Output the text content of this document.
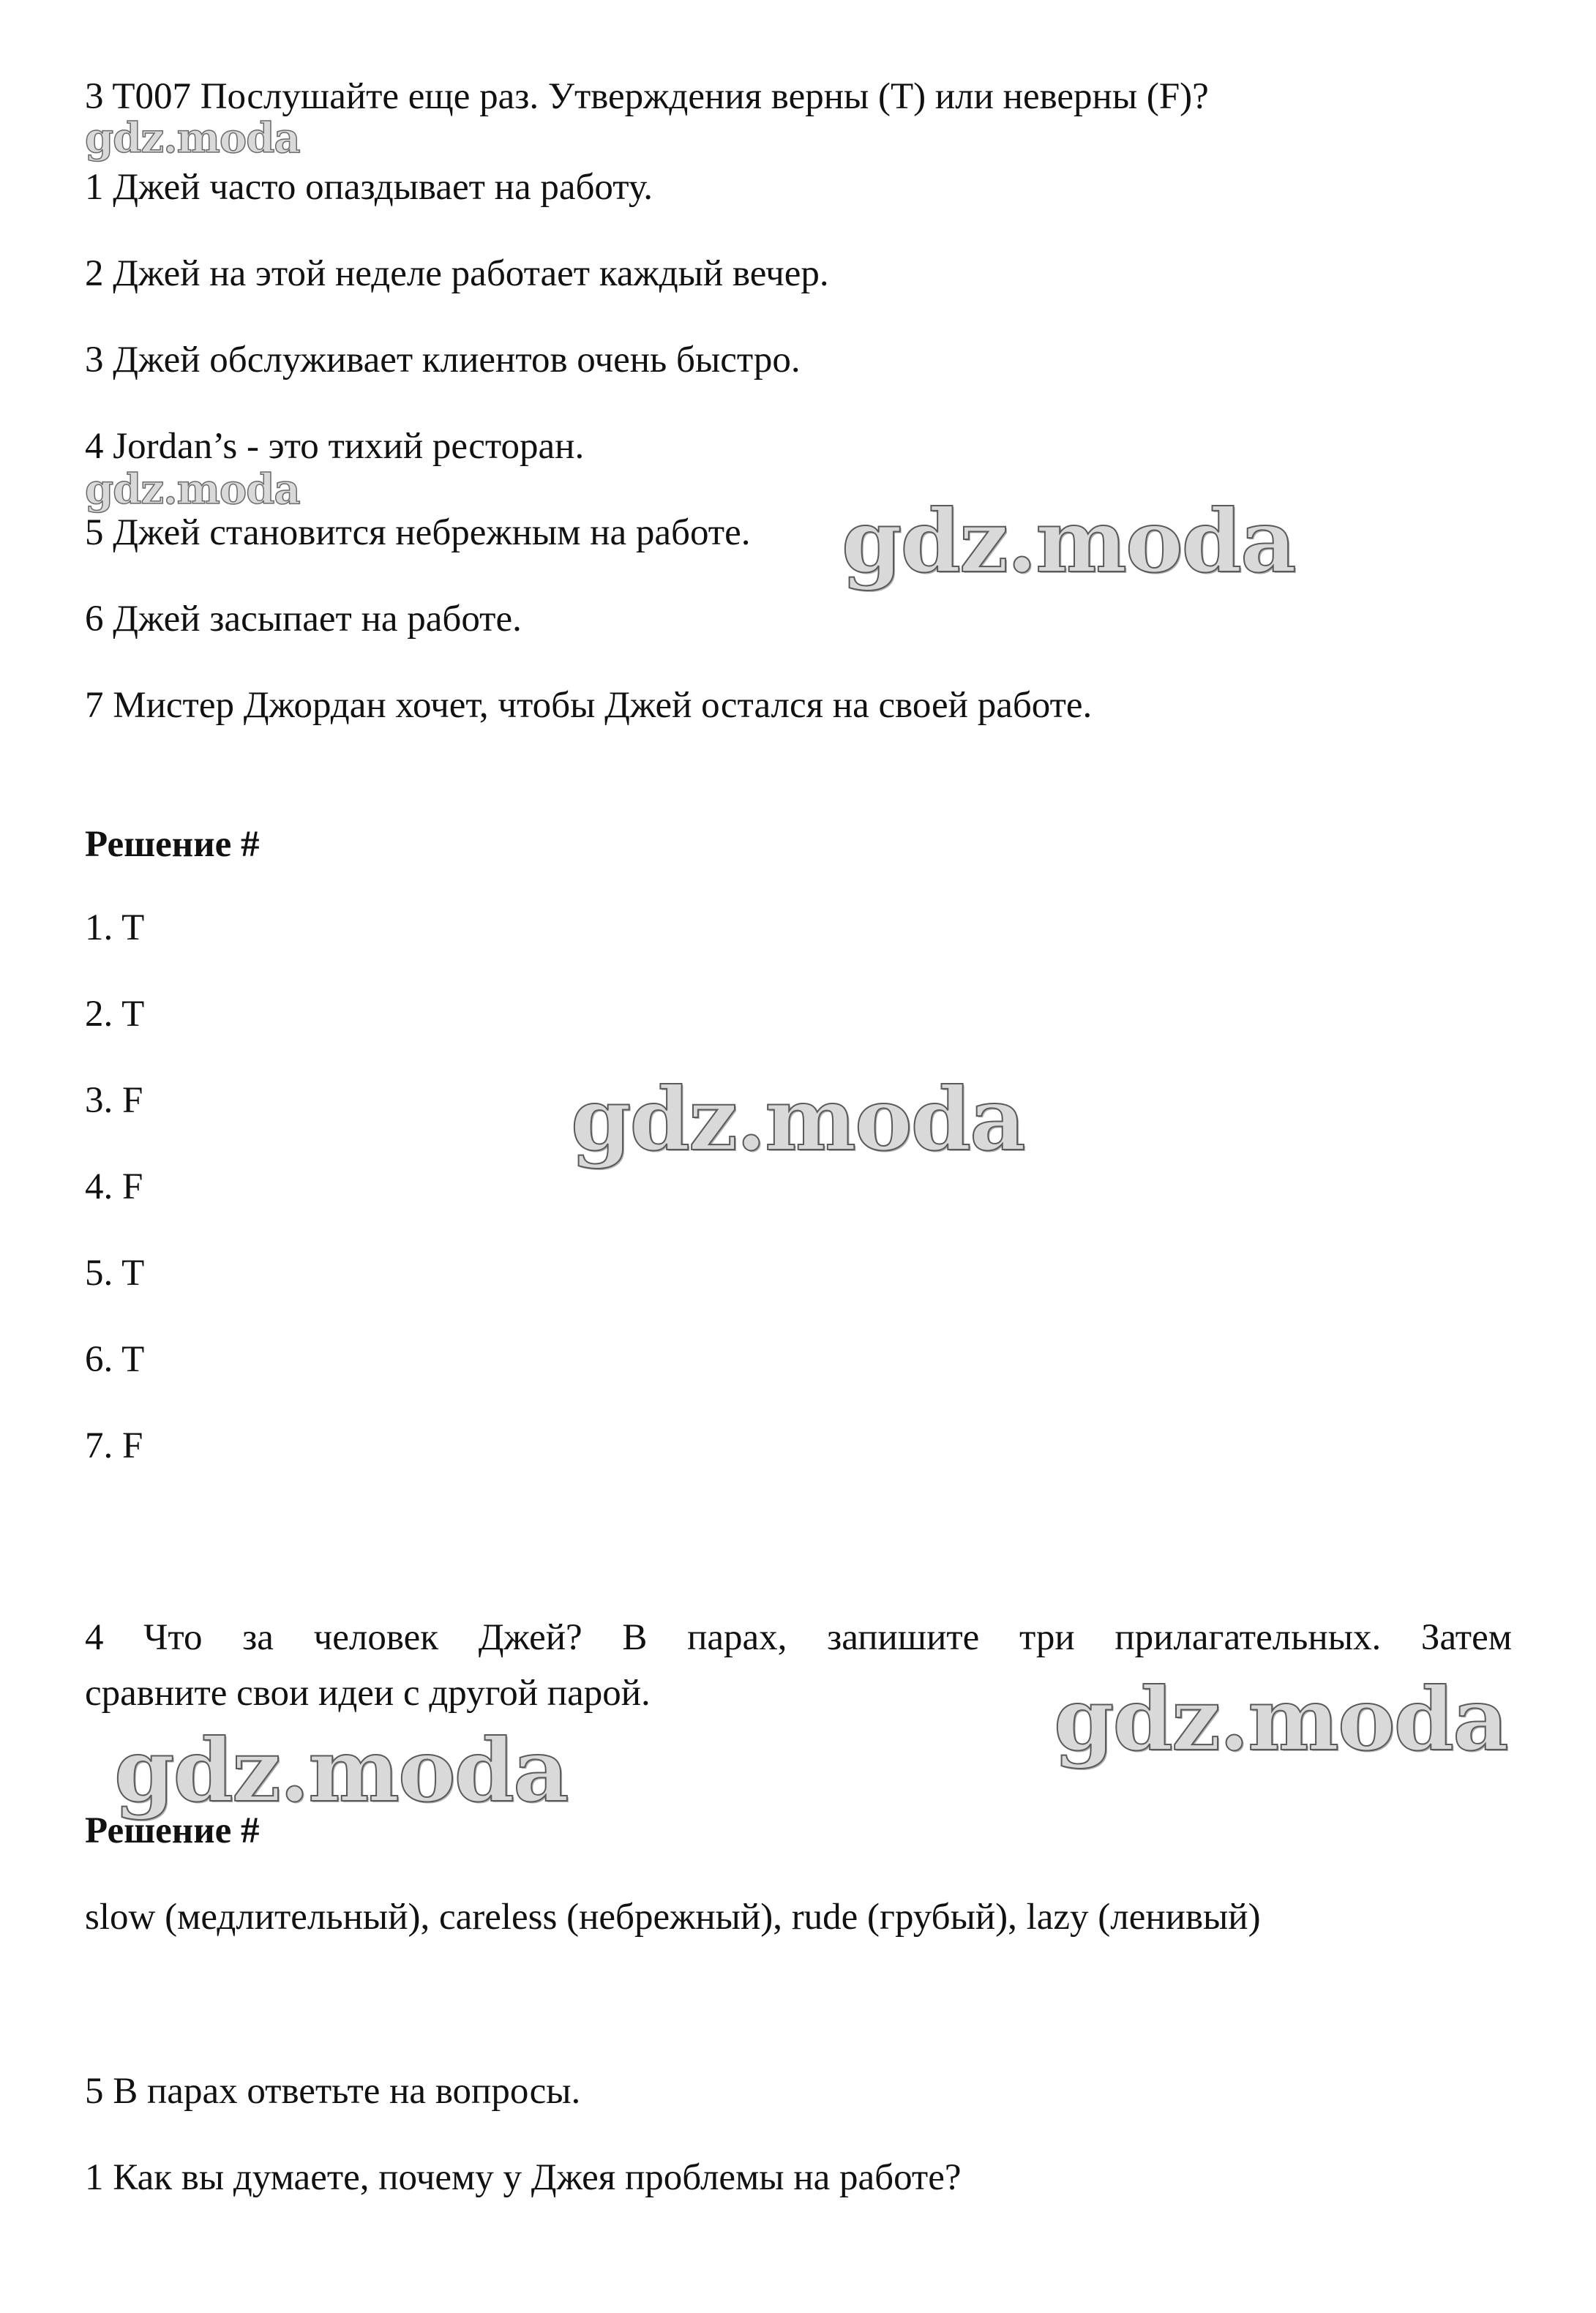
3 T007 Послушайте еще раз. Утверждения верны (T) или неверны (F)?

1 Джей часто опаздывает на работу.

2 Джей на этой неделе работает каждый вечер.

3 Джей обслуживает клиентов очень быстро.

4 Jordan’s - это тихий ресторан.

5 Джей становится небрежным на работе.

6 Джей засыпает на работе.

7 Мистер Джордан хочет, чтобы Джей остался на своей работе.

Решение #

1. T

2. T

3. F

4. F

5. T

6. T

7. F

4 Что за человек Джей? В парах, запишите три прилагательных. Затем
сравните свои идеи с другой парой.

Решение #

slow (медлительный), careless (небрежный), rude (грубый), lazy (ленивый)

5 В парах ответьте на вопросы.

1 Как вы думаете, почему у Джея проблемы на работе?

gdz.moda
gdz.moda
gdz.moda
gdz.moda
gdz.moda
gdz.moda
